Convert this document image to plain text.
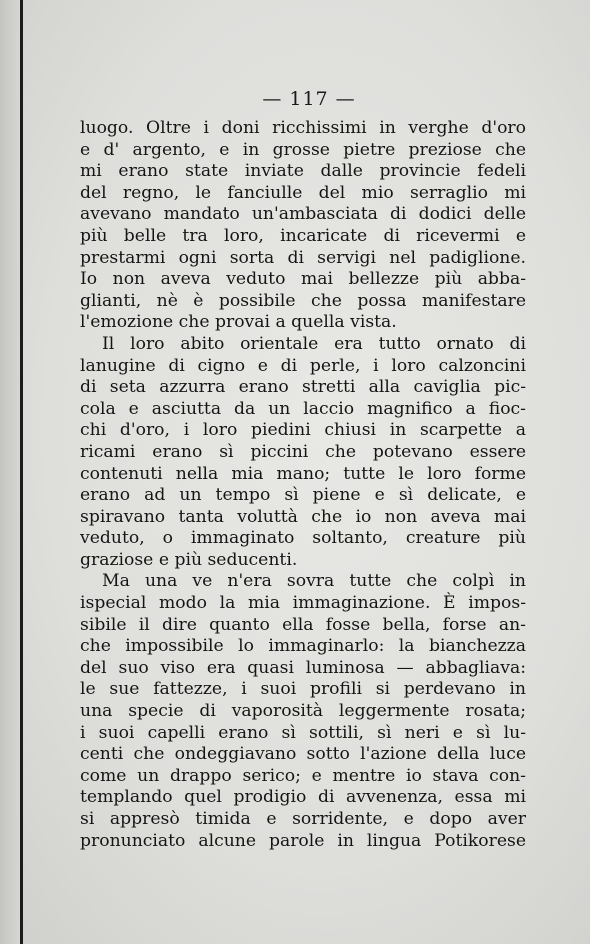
— 117 —
luogo. Oltre i doni ricchissimi in verghe d'oro
e d' argento, e in grosse pietre preziose che
mi erano state inviate dalle provincie fedeli
del regno, le fanciulle del mio serraglio mi
avevano mandato un'ambasciata di dodici delle
più belle tra loro, incaricate di ricevermi e
prestarmi ogni sorta di servigi nel padiglione.
Io non aveva veduto mai bellezze più abba-
glianti, nè è possibile che possa manifestare
l'emozione che provai a quella vista.
Il loro abito orientale era tutto ornato di
lanugine di cigno e di perle, i loro calzoncini
di seta azzurra erano stretti alla caviglia pic-
cola e asciutta da un laccio magnifico a fioc-
chi d'oro, i loro piedini chiusi in scarpette a
ricami erano sì piccini che potevano essere
contenuti nella mia mano; tutte le loro forme
erano ad un tempo sì piene e sì delicate, e
spiravano tanta voluttà che io non aveva mai
veduto, o immaginato soltanto, creature più
graziose e più seducenti.
Ma una ve n'era sovra tutte che colpì in
ispecial modo la mia immaginazione. È impos-
sibile il dire quanto ella fosse bella, forse an-
che impossibile lo immaginarlo: la bianchezza
del suo viso era quasi luminosa — abbagliava:
le sue fattezze, i suoi profili si perdevano in
una specie di vaporosità leggermente rosata;
i suoi capelli erano sì sottili, sì neri e sì lu-
centi che ondeggiavano sotto l'azione della luce
come un drappo serico; e mentre io stava con-
templando quel prodigio di avvenenza, essa mi
si appresò timida e sorridente, e dopo aver
pronunciato alcune parole in lingua Potikorese
